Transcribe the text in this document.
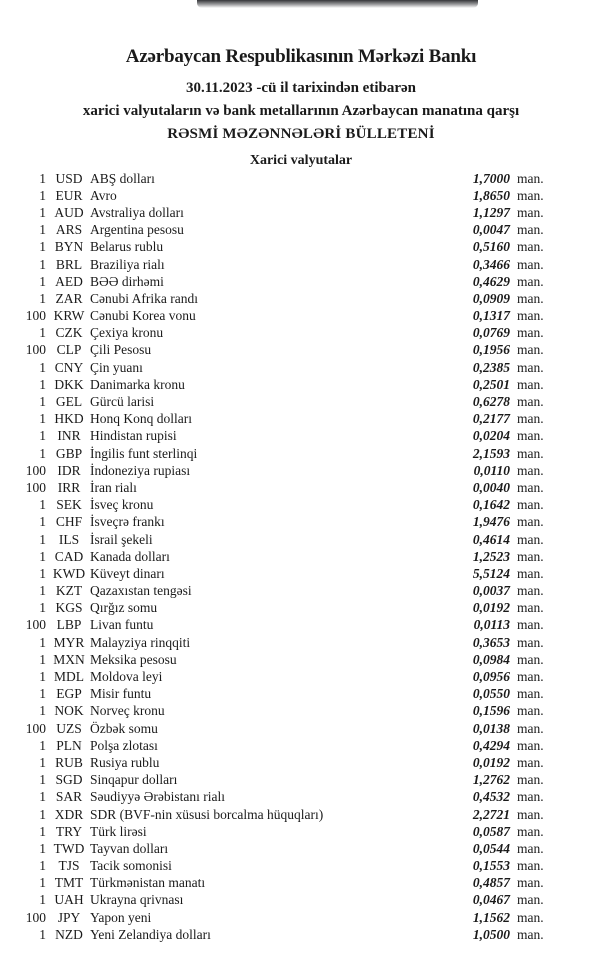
Azərbaycan Respublikasının Mərkəzi Bankı
30.11.2023 -cü il tarixindən etibarən
xarici valyutaların və bank metallarının Azərbaycan manatına qarşı
RƏSMİ MƏZƏNNƏLƏRİ BÜLLETENİ
Xarici valyutalar
1 USD ABŞ dolları	1,7000 man.
1 EUR Avro	1,8650 man.
1 AUD Avstraliya dolları	1,1297 man.
1 ARS Argentina pesosu	0,0047 man.
1 BYN Belarus rublu	0,5160 man.
1 BRL Braziliya rialı	0,3466 man.
1 AED BƏƏ dirhəmi	0,4629 man.
1 ZAR Cənubi Afrika randı	0,0909 man.
100 KRW Cənubi Korea vonu	0,1317 man.
1 CZK Çexiya kronu	0,0769 man.
100 CLP Çili Pesosu	0,1956 man.
1 CNY Çin yuanı	0,2385 man.
1 DKK Danimarka kronu	0,2501 man.
1 GEL Gürcü larisi	0,6278 man.
1 HKD Honq Konq dolları	0,2177 man.
1 INR Hindistan rupisi	0,0204 man.
1 GBP İngilis funt sterlinqi	2,1593 man.
100 IDR İndoneziya rupiası	0,0110 man.
100 IRR İran rialı	0,0040 man.
1 SEK İsveç kronu	0,1642 man.
1 CHF İsveçrə frankı	1,9476 man.
1 ILS İsrail şekeli	0,4614 man.
1 CAD Kanada dolları	1,2523 man.
1 KWD Küveyt dinarı	5,5124 man.
1 KZT Qazaxıstan tengəsi	0,0037 man.
1 KGS Qırğız somu	0,0192 man.
100 LBP Livan funtu	0,0113 man.
1 MYR Malayziya rinqqiti	0,3653 man.
1 MXN Meksika pesosu	0,0984 man.
1 MDL Moldova leyi	0,0956 man.
1 EGP Misir funtu	0,0550 man.
1 NOK Norveç kronu	0,1596 man.
100 UZS Özbək somu	0,0138 man.
1 PLN Polşa zlotası	0,4294 man.
1 RUB Rusiya rublu	0,0192 man.
1 SGD Sinqapur dolları	1,2762 man.
1 SAR Səudiyyə Ərəbistanı rialı	0,4532 man.
1 XDR SDR (BVF-nin xüsusi borcalma hüquqları)	2,2721 man.
1 TRY Türk lirəsi	0,0587 man.
1 TWD Tayvan dolları	0,0544 man.
1 TJS Tacik somonisi	0,1553 man.
1 TMT Türkmənistan manatı	0,4857 man.
1 UAH Ukrayna qrivnası	0,0467 man.
100 JPY Yapon yeni	1,1562 man.
1 NZD Yeni Zelandiya dolları	1,0500 man.
